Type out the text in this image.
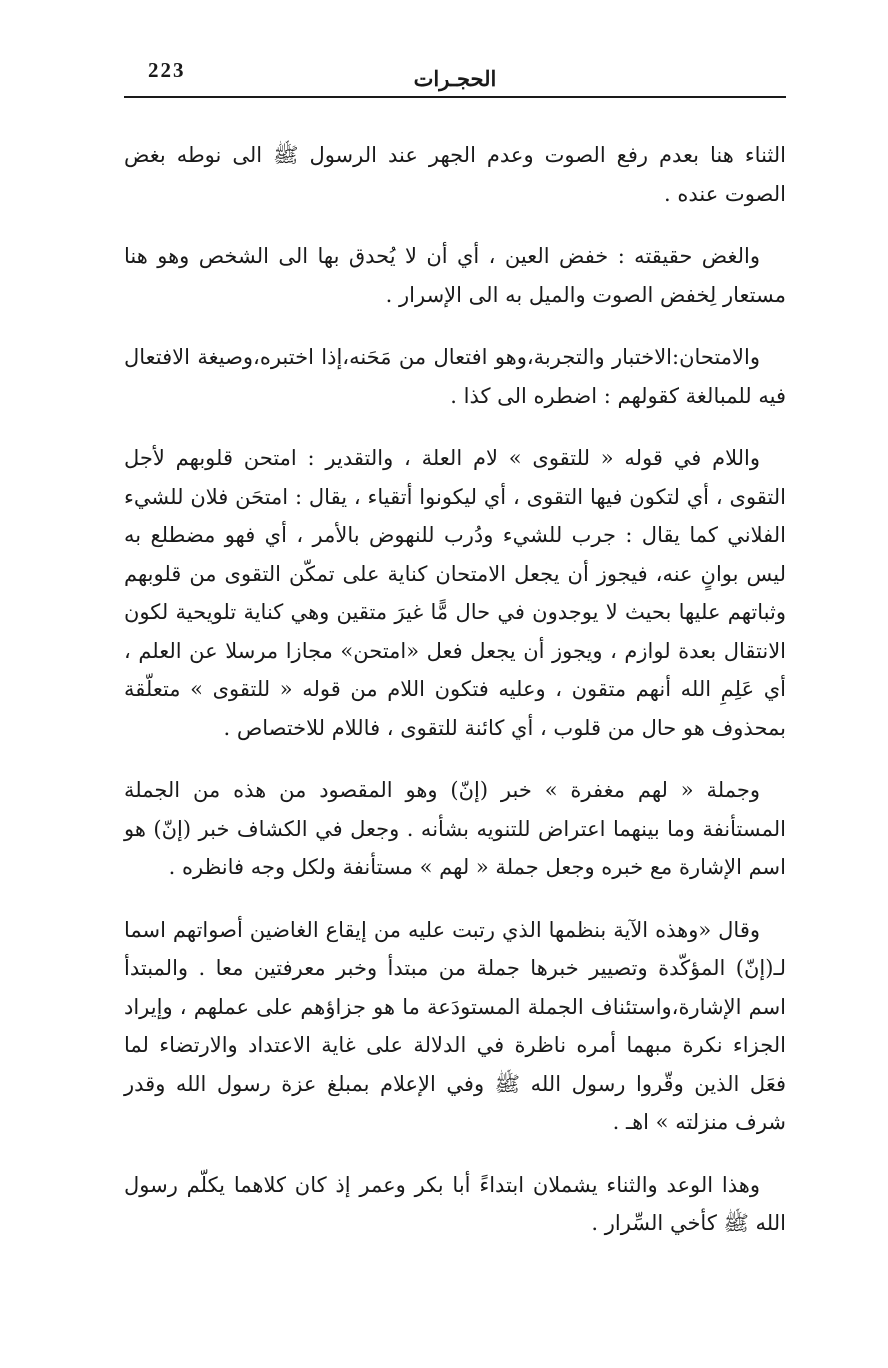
223	الحجـرات

الثناء هنا بعدم رفع الصوت وعدم الجهر عند الرسول ﷺ الى نوطه بغض الصوت عنده .

والغض حقيقته : خفض العين ، أي أن لا يُحدق بها الى الشخص وهو هنا مستعار لِخفض الصوت والميل به الى الإسرار .

والامتحان:الاختبار والتجربة،وهو افتعال من مَحَنه،إذا اختبره،وصيغة الافتعال فيه للمبالغة كقولهم : اضطره الى كذا .

واللام في قوله « للتقوى » لام العلة ، والتقدير : امتحن قلوبهم لأجل التقوى ، أي لتكون فيها التقوى ، أي ليكونوا أتقياء ، يقال : امتحَن فلان للشيء الفلاني كما يقال : جرب للشيء ودُرب للنهوض بالأمر ، أي فهو مضطلع به ليس بوانٍ عنه، فيجوز أن يجعل الامتحان كناية على تمكّن التقوى من قلوبهم وثباتهم عليها بحيث لا يوجدون في حال مًّا غيرَ متقين وهي كناية تلويحية لكون الانتقال بعدة لوازم ، ويجوز أن يجعل فعل «امتحن» مجازا مرسلا عن العلم ، أي عَلِمِ الله أنهم متقون ، وعليه فتكون اللام من قوله « للتقوى » متعلّقة بمحذوف هو حال من قلوب ، أي كائنة للتقوى ، فاللام للاختصاص .

وجملة « لهم مغفرة » خبر (إنّ) وهو المقصود من هذه من الجملة المستأنفة وما بينهما اعتراض للتنويه بشأنه . وجعل في الكشاف خبر (إنّ) هو اسم الإشارة مع خبره وجعل جملة « لهم » مستأنفة ولكل وجه فانظره .

وقال «وهذه الآية بنظمها الذي رتبت عليه من إيقاع الغاضين أصواتهم اسما لـ(إنّ) المؤكّدة وتصيير خبرها جملة من مبتدأ وخبر معرفتين معا . والمبتدأ اسم الإشارة،واستئناف الجملة المستودَعة ما هو جزاؤهم على عملهم ، وإيراد الجزاء نكرة مبهما أمره ناظرة في الدلالة على غاية الاعتداد والارتضاء لما فعَل الذين وقّروا رسول الله ﷺ وفي الإعلام بمبلغ عزة رسول الله وقدر شرف منزلته » اهـ .

وهذا الوعد والثناء يشملان ابتداءً أبا بكر وعمر إذ كان كلاهما يكلّم رسول الله ﷺ كأخي السِّرار .
